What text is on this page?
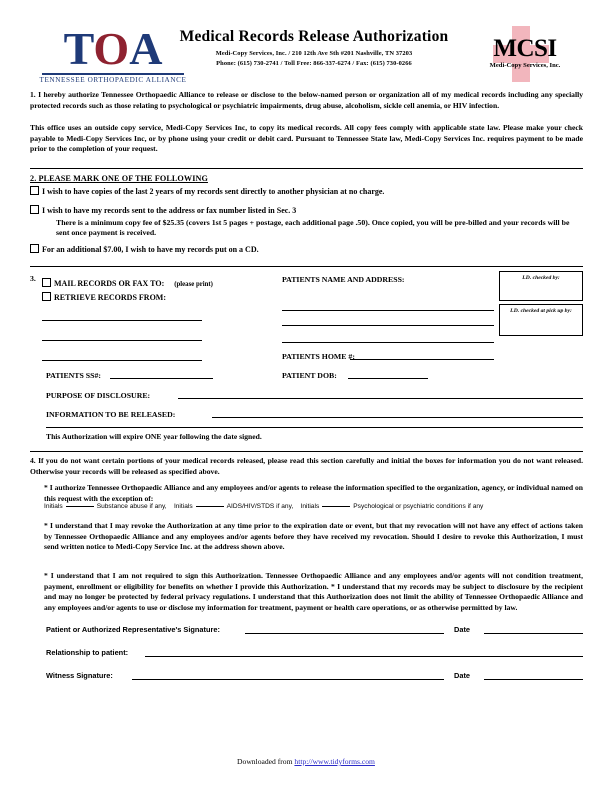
TOA
TENNESSEE ORTHOPAEDIC ALLIANCE
Medical Records Release Authorization
Medi-Copy Services, Inc. / 210 12th Ave Sth #201 Nashville, TN 37203
Phone: (615) 730-2741 / Toll Free: 866-337-6274 / Fax: (615) 730-0266
MCSI
Medi-Copy Services, Inc.
1. I hereby authorize Tennessee Orthopaedic Alliance to release or disclose to the below-named person or organization all of my medical records including any specially protected records such as those relating to psychological or psychiatric impairments, drug abuse, alcoholism, sickle cell anemia, or HIV infection.
This office uses an outside copy service, Medi-Copy Services Inc, to copy its medical records. All copy fees comply with applicable state law. Please make your check payable to Medi-Copy Services Inc, or by phone using your credit or debit card. Pursuant to Tennessee State law, Medi-Copy Services Inc. requires payment to be made prior to the completion of your request.
2. PLEASE MARK ONE OF THE FOLLOWING
I wish to have copies of the last 2 years of my records sent directly to another physician at no charge.
I wish to have my records sent to the address or fax number listed in Sec. 3
There is a minimum copy fee of $25.35 (covers 1st 5 pages + postage, each additional page .50). Once copied, you will be pre-billed and your records will be sent once payment is received.
For an additional $7.00, I wish to have my records put on a CD.
3.
MAIL RECORDS OR FAX TO: (please print)
RETRIEVE RECORDS FROM:
PATIENTS NAME AND ADDRESS:	I.D. checked by:
I.D. checked at pick up by:
PATIENTS HOME #:
PATIENTS SS#:	PATIENT DOB:
PURPOSE OF DISCLOSURE:
INFORMATION TO BE RELEASED:
This Authorization will expire ONE year following the date signed.
4. If you do not want certain portions of your medical records released, please read this section carefully and initial the boxes for information you do not want released. Otherwise your records will be released as specified above.
* I authorize Tennessee Orthopaedic Alliance and any employees and/or agents to release the information specified to the organization, agency, or individual named on this request with the exception of:
Initials	Substance abuse if any, Initials	AIDS/HIV/STDS if any, Initials	Psychological or psychiatric conditions if any
* I understand that I may revoke the Authorization at any time prior to the expiration date or event, but that my revocation will not have any effect of actions taken by Tennessee Orthopaedic Alliance and any employees and/or agents before they have received my revocation. Should I desire to revoke this Authorization, I must send written notice to Medi-Copy Service Inc. at the address shown above.
* I understand that I am not required to sign this Authorization. Tennessee Orthopaedic Alliance and any employees and/or agents will not condition treatment, payment, enrollment or eligibility for benefits on whether I provide this Authorization. * I understand that my records may be subject to disclosure by the recipient and may no longer be protected by federal privacy regulations. I understand that this Authorization does not limit the ability of Tennessee Orthopaedic Alliance and any employees and/or agents to use or disclose my information for treatment, payment or health care operations, or as otherwise permitted by law.
Patient or Authorized Representative's Signature:	Date
Relationship to patient:
Witness Signature:	Date
Downloaded from http://www.tidyforms.com
